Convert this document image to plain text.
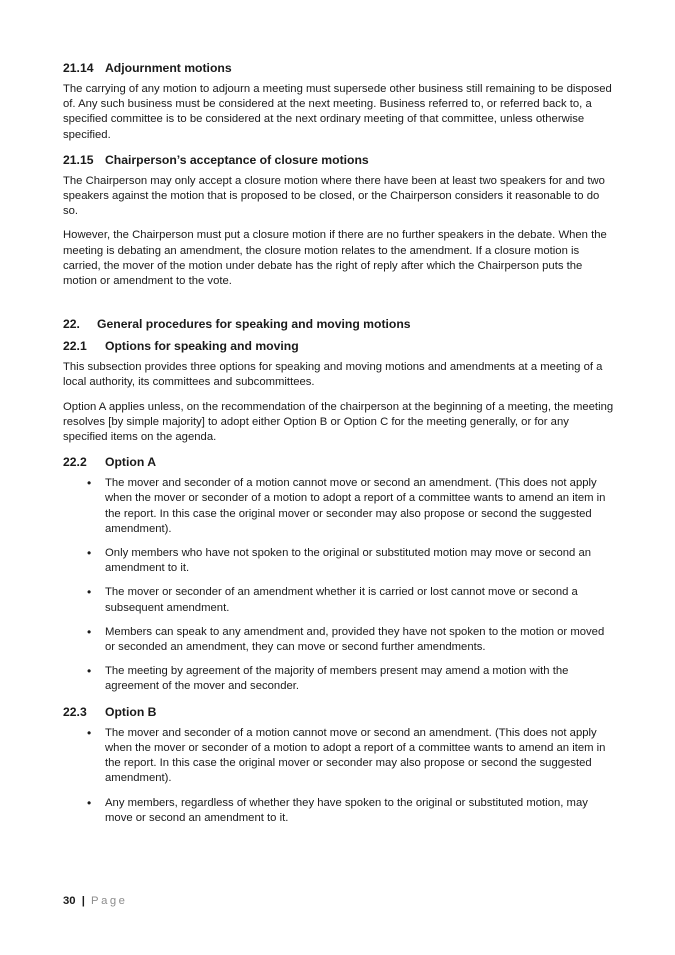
21.14 Adjournment motions

The carrying of any motion to adjourn a meeting must supersede other business still remaining to be disposed of. Any such business must be considered at the next meeting. Business referred to, or referred back to, a specified committee is to be considered at the next ordinary meeting of that committee, unless otherwise specified.

21.15 Chairperson’s acceptance of closure motions

The Chairperson may only accept a closure motion where there have been at least two speakers for and two speakers against the motion that is proposed to be closed, or the Chairperson considers it reasonable to do so.

However, the Chairperson must put a closure motion if there are no further speakers in the debate. When the meeting is debating an amendment, the closure motion relates to the amendment. If a closure motion is carried, the mover of the motion under debate has the right of reply after which the Chairperson puts the motion or amendment to the vote.

22.	General procedures for speaking and moving motions
22.1	Options for speaking and moving

This subsection provides three options for speaking and moving motions and amendments at a meeting of a local authority, its committees and subcommittees.

Option A applies unless, on the recommendation of the chairperson at the beginning of a meeting, the meeting resolves [by simple majority] to adopt either Option B or Option C for the meeting generally, or for any specified items on the agenda.

22.2	Option A
• The mover and seconder of a motion cannot move or second an amendment. (This does not apply when the mover or seconder of a motion to adopt a report of a committee wants to amend an item in the report. In this case the original mover or seconder may also propose or second the suggested amendment).
• Only members who have not spoken to the original or substituted motion may move or second an amendment to it.
• The mover or seconder of an amendment whether it is carried or lost cannot move or second a subsequent amendment.
• Members can speak to any amendment and, provided they have not spoken to the motion or moved or seconded an amendment, they can move or second further amendments.
• The meeting by agreement of the majority of members present may amend a motion with the agreement of the mover and seconder.
22.3	Option B
• The mover and seconder of a motion cannot move or second an amendment. (This does not apply when the mover or seconder of a motion to adopt a report of a committee wants to amend an item in the report. In this case the original mover or seconder may also propose or second the suggested amendment).
• Any members, regardless of whether they have spoken to the original or substituted motion, may move or second an amendment to it.
30 | Page
